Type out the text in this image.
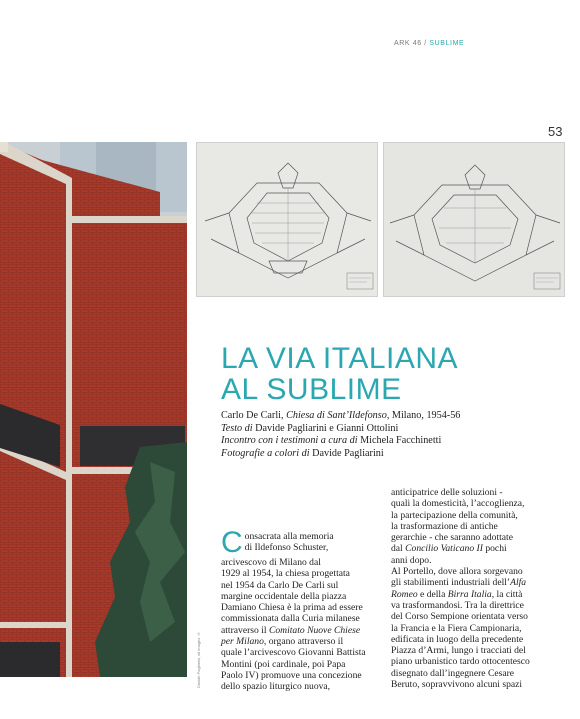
ARK 46 / SUBLIME
53
Davide Pagliarini, all images ©
LA VIA ITALIANA
AL SUBLIME
Carlo De Carli, Chiesa di Sant’Ildefonso, Milano, 1954-56
Testo di Davide Pagliarini e Gianni Ottolini
Incontro con i testimoni a cura di Michela Facchinetti
Fotografie a colori di Davide Pagliarini
C onsacrata alla memoria
di Ildefonso Schuster,
arcivescovo di Milano dal
1929 al 1954, la chiesa progettata
nel 1954 da Carlo De Carli sul
margine occidentale della piazza
Damiano Chiesa è la prima ad essere
commissionata dalla Curia milanese
attraverso il Comitato Nuove Chiese
per Milano, organo attraverso il
quale l’arcivescovo Giovanni Battista
Montini (poi cardinale, poi Papa
Paolo IV) promuove una concezione
dello spazio liturgico nuova,
anticipatrice delle soluzioni -
quali la domesticità, l’accoglienza,
la partecipazione della comunità,
la trasformazione di antiche
gerarchie - che saranno adottate
dal Concilio Vaticano II pochi
anni dopo.
Al Portello, dove allora sorgevano
gli stabilimenti industriali dell’Alfa
Romeo e della Birra Italia, la città
va trasformandosi. Tra la direttrice
del Corso Sempione orientata verso
la Francia e la Fiera Campionaria,
edificata in luogo della precedente
Piazza d’Armi, lungo i tracciati del
piano urbanistico tardo ottocentesco
disegnato dall’ingegnere Cesare
Beruto, sopravvivono alcuni spazi
